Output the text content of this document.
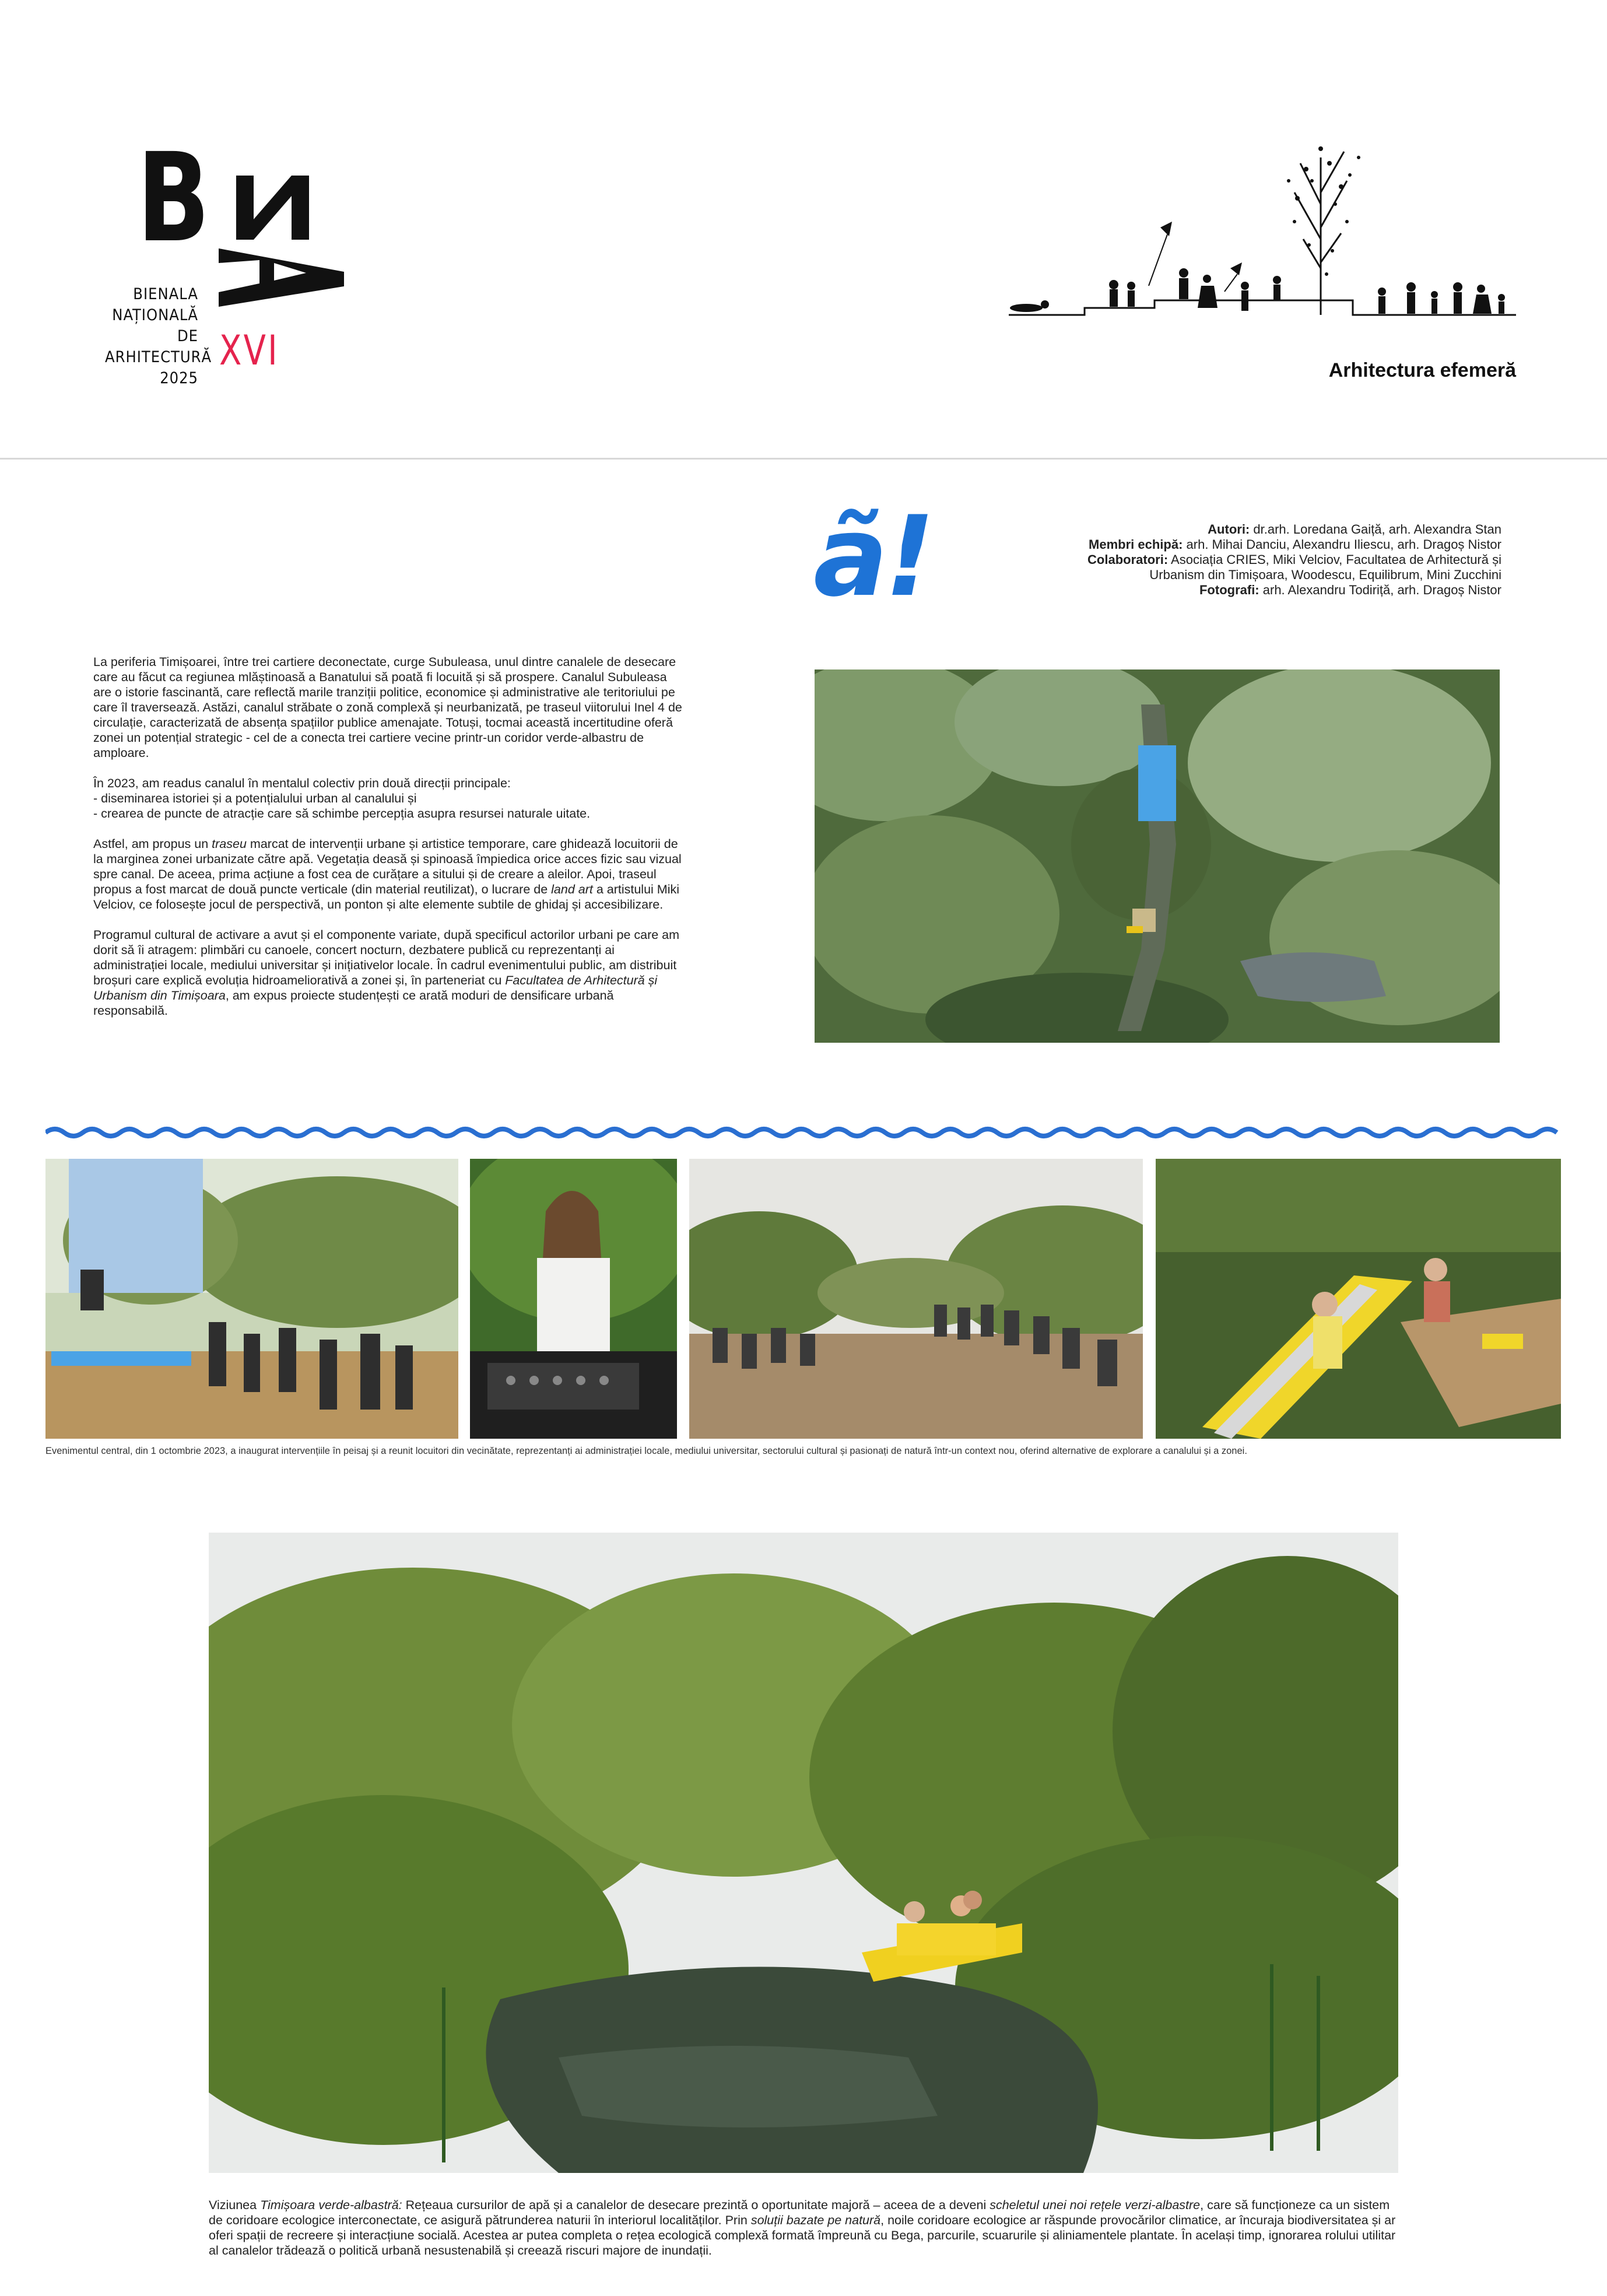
B
BIENALA
NAȚIONALĂ
DE
ARHITECTURĂ
2025
XVI	Arhitectura efemeră
ã!	Autori: dr.arh. Loredana Gaiță, arh. Alexandra Stan
Membri echipă: arh. Mihai Danciu, Alexandru Iliescu, arh. Dragoș Nistor
Colaboratori: Asociația CRIES, Miki Velciov, Facultatea de Arhitectură și
Urbanism din Timișoara, Woodescu, Equilibrum, Mini Zucchini
Fotografi: arh. Alexandru Todiriță, arh. Dragoș Nistor

La periferia Timișoarei, între trei cartiere deconectate, curge Subuleasa, unul dintre canalele de desecare care au făcut ca regiunea mlăștinoasă a Banatului să poată fi locuită și să prospere. Canalul Subuleasa are o istorie fascinantă, care reflectă marile tranziții politice, economice și administrative ale teritoriului pe care îl traversează. Astăzi, canalul străbate o zonă complexă și neurbanizată, pe traseul viitorului Inel 4 de circulație, caracterizată de absența spațiilor publice amenajate. Totuși, tocmai această incertitudine oferă zonei un potențial strategic - cel de a conecta trei cartiere vecine printr-un coridor verde-albastru de amploare.

În 2023, am readus canalul în mentalul colectiv prin două direcții principale:
- diseminarea istoriei și a potențialului urban al canalului și
- crearea de puncte de atracție care să schimbe percepția asupra resursei naturale uitate.

Astfel, am propus un traseu marcat de intervenții urbane și artistice temporare, care ghidează locuitorii de la marginea zonei urbanizate către apă. Vegetația deasă și spinoasă împiedica orice acces fizic sau vizual spre canal. De aceea, prima acțiune a fost cea de curățare a sitului și de creare a aleilor. Apoi, traseul propus a fost marcat de două puncte verticale (din material reutilizat), o lucrare de land art a artistului Miki Velciov, ce folosește jocul de perspectivă, un ponton și alte elemente subtile de ghidaj și accesibilizare.

Programul cultural de activare a avut și el componente variate, după specificul actorilor urbani pe care am dorit să îi atragem: plimbări cu canoele, concert nocturn, dezbatere publică cu reprezentanți ai administrației locale, mediului universitar și inițiativelor locale. În cadrul evenimentului public, am distribuit broșuri care explică evoluția hidroameliorativă a zonei și, în parteneriat cu Facultatea de Arhitectură și Urbanism din Timișoara, am expus proiecte studențești ce arată moduri de densificare urbană responsabilă.

Evenimentul central, din 1 octombrie 2023, a inaugurat intervențiile în peisaj și a reunit locuitori din vecinătate, reprezentanți ai administrației locale, mediului universitar, sectorului cultural și pasionați de natură într-un context nou, oferind alternative de explorare a canalului și a zonei.
Viziunea Timișoara verde-albastră: Rețeaua cursurilor de apă și a canalelor de desecare prezintă o oportunitate majoră – aceea de a deveni scheletul unei noi rețele verzi-albastre, care să funcționeze ca un sistem de coridoare ecologice interconectate, ce asigură pătrunderea naturii în interiorul localităților. Prin soluții bazate pe natură, noile coridoare ecologice ar răspunde provocărilor climatice, ar încuraja biodiversitatea și ar oferi spații de recreere și interacțiune socială. Acestea ar putea completa o rețea ecologică complexă formată împreună cu Bega, parcurile, scuarurile și aliniamentele plantate. În același timp, ignorarea rolului utilitar al canalelor trădează o politică urbană nesustenabilă și creează riscuri majore de inundații.
